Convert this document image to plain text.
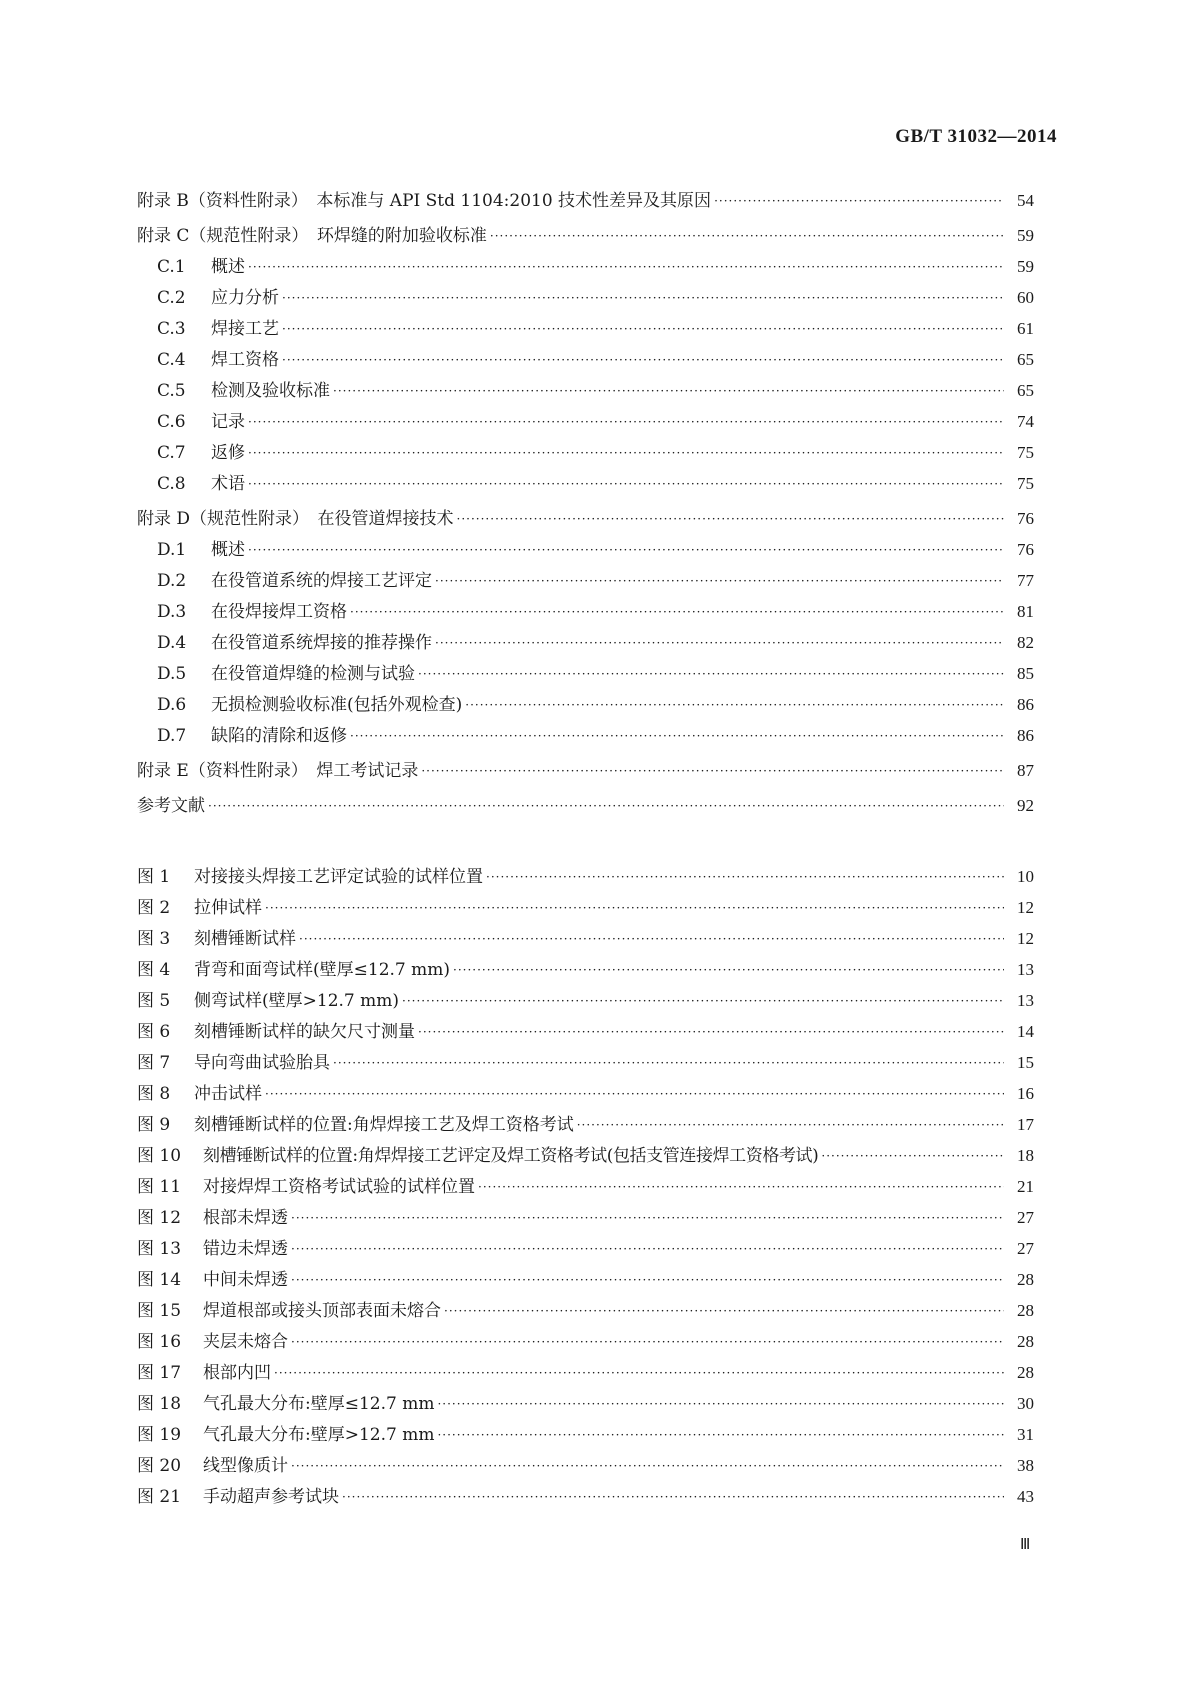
GB/T 31032—2014
附录 B（资料性附录）　本标准与 API Std 1104:2010 技术性差异及其原因 ·····	54
附录 C（规范性附录）　环焊缝的附加验收标准 ·····	59
C.1 概述 ·····	59
C.2 应力分析 ·····	60
C.3 焊接工艺 ·····	61
C.4 焊工资格 ·····	65
C.5 检测及验收标准 ·····	65
C.6 记录 ·····	74
C.7 返修 ·····	75
C.8 术语 ·····	75
附录 D（规范性附录）　在役管道焊接技术 ·····	76
D.1 概述 ·····	76
D.2 在役管道系统的焊接工艺评定 ·····	77
D.3 在役焊接焊工资格 ·····	81
D.4 在役管道系统焊接的推荐操作 ·····	82
D.5 在役管道焊缝的检测与试验 ·····	85
D.6 无损检测验收标准(包括外观检查) ·····	86
D.7 缺陷的清除和返修 ·····	86
附录 E（资料性附录）　焊工考试记录 ·····	87
参考文献 ·····	92
图 1 对接接头焊接工艺评定试验的试样位置 ·····	10
图 2 拉伸试样 ·····	12
图 3 刻槽锤断试样 ·····	12
图 4 背弯和面弯试样(壁厚≤12.7 mm) ·····	13
图 5 侧弯试样(壁厚>12.7 mm) ·····	13
图 6 刻槽锤断试样的缺欠尺寸测量 ·····	14
图 7 导向弯曲试验胎具 ·····	15
图 8 冲击试样 ·····	16
图 9 刻槽锤断试样的位置:角焊焊接工艺及焊工资格考试 ·····	17
图 10 刻槽锤断试样的位置:角焊焊接工艺评定及焊工资格考试(包括支管连接焊工资格考试) ·····	18
图 11 对接焊焊工资格考试试验的试样位置 ·····	21
图 12 根部未焊透 ·····	27
图 13 错边未焊透 ·····	27
图 14 中间未焊透 ·····	28
图 15 焊道根部或接头顶部表面未熔合 ·····	28
图 16 夹层未熔合 ·····	28
图 17 根部内凹 ·····	28
图 18 气孔最大分布:壁厚≤12.7 mm ·····	30
图 19 气孔最大分布:壁厚>12.7 mm ·····	31
图 20 线型像质计 ·····	38
图 21 手动超声参考试块 ·····	43
Ⅲ
